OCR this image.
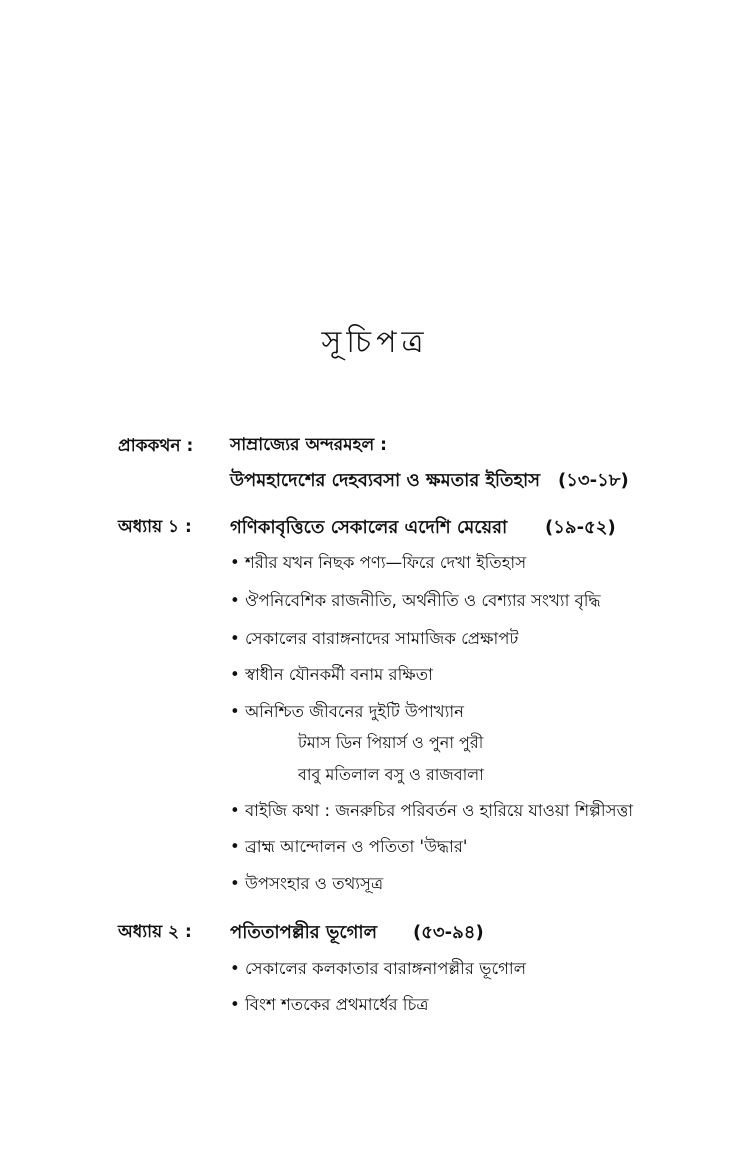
সূচিপত্র
প্রাককথন : সাম্রাজ্যের অন্দরমহল :
উপমহাদেশের দেহব্যবসা ও ক্ষমতার ইতিহাস (১৩-১৮)
অধ্যায় ১ : গণিকাবৃত্তিতে সেকালের এদেশি মেয়েরা (১৯-৫২)
• শরীর যখন নিছক পণ্য—ফিরে দেখা ইতিহাস
• ঔপনিবেশিক রাজনীতি, অর্থনীতি ও বেশ্যার সংখ্যা বৃদ্ধি
• সেকালের বারাঙ্গনাদের সামাজিক প্রেক্ষাপট
• স্বাধীন যৌনকর্মী বনাম রক্ষিতা
• অনিশ্চিত জীবনের দুইটি উপাখ্যান
টমাস ডিন পিয়ার্স ও পুনা পুরী
বাবু মতিলাল বসু ও রাজবালা
• বাইজি কথা : জনরুচির পরিবর্তন ও হারিয়ে যাওয়া শিল্পীসত্তা
• ব্রাহ্ম আন্দোলন ও পতিতা 'উদ্ধার'
• উপসংহার ও তথ্যসূত্র
অধ্যায় ২ : পতিতাপল্লীর ভূগোল (৫৩-৯৪)
• সেকালের কলকাতার বারাঙ্গনাপল্লীর ভূগোল
• বিংশ শতকের প্রথমার্ধের চিত্র
